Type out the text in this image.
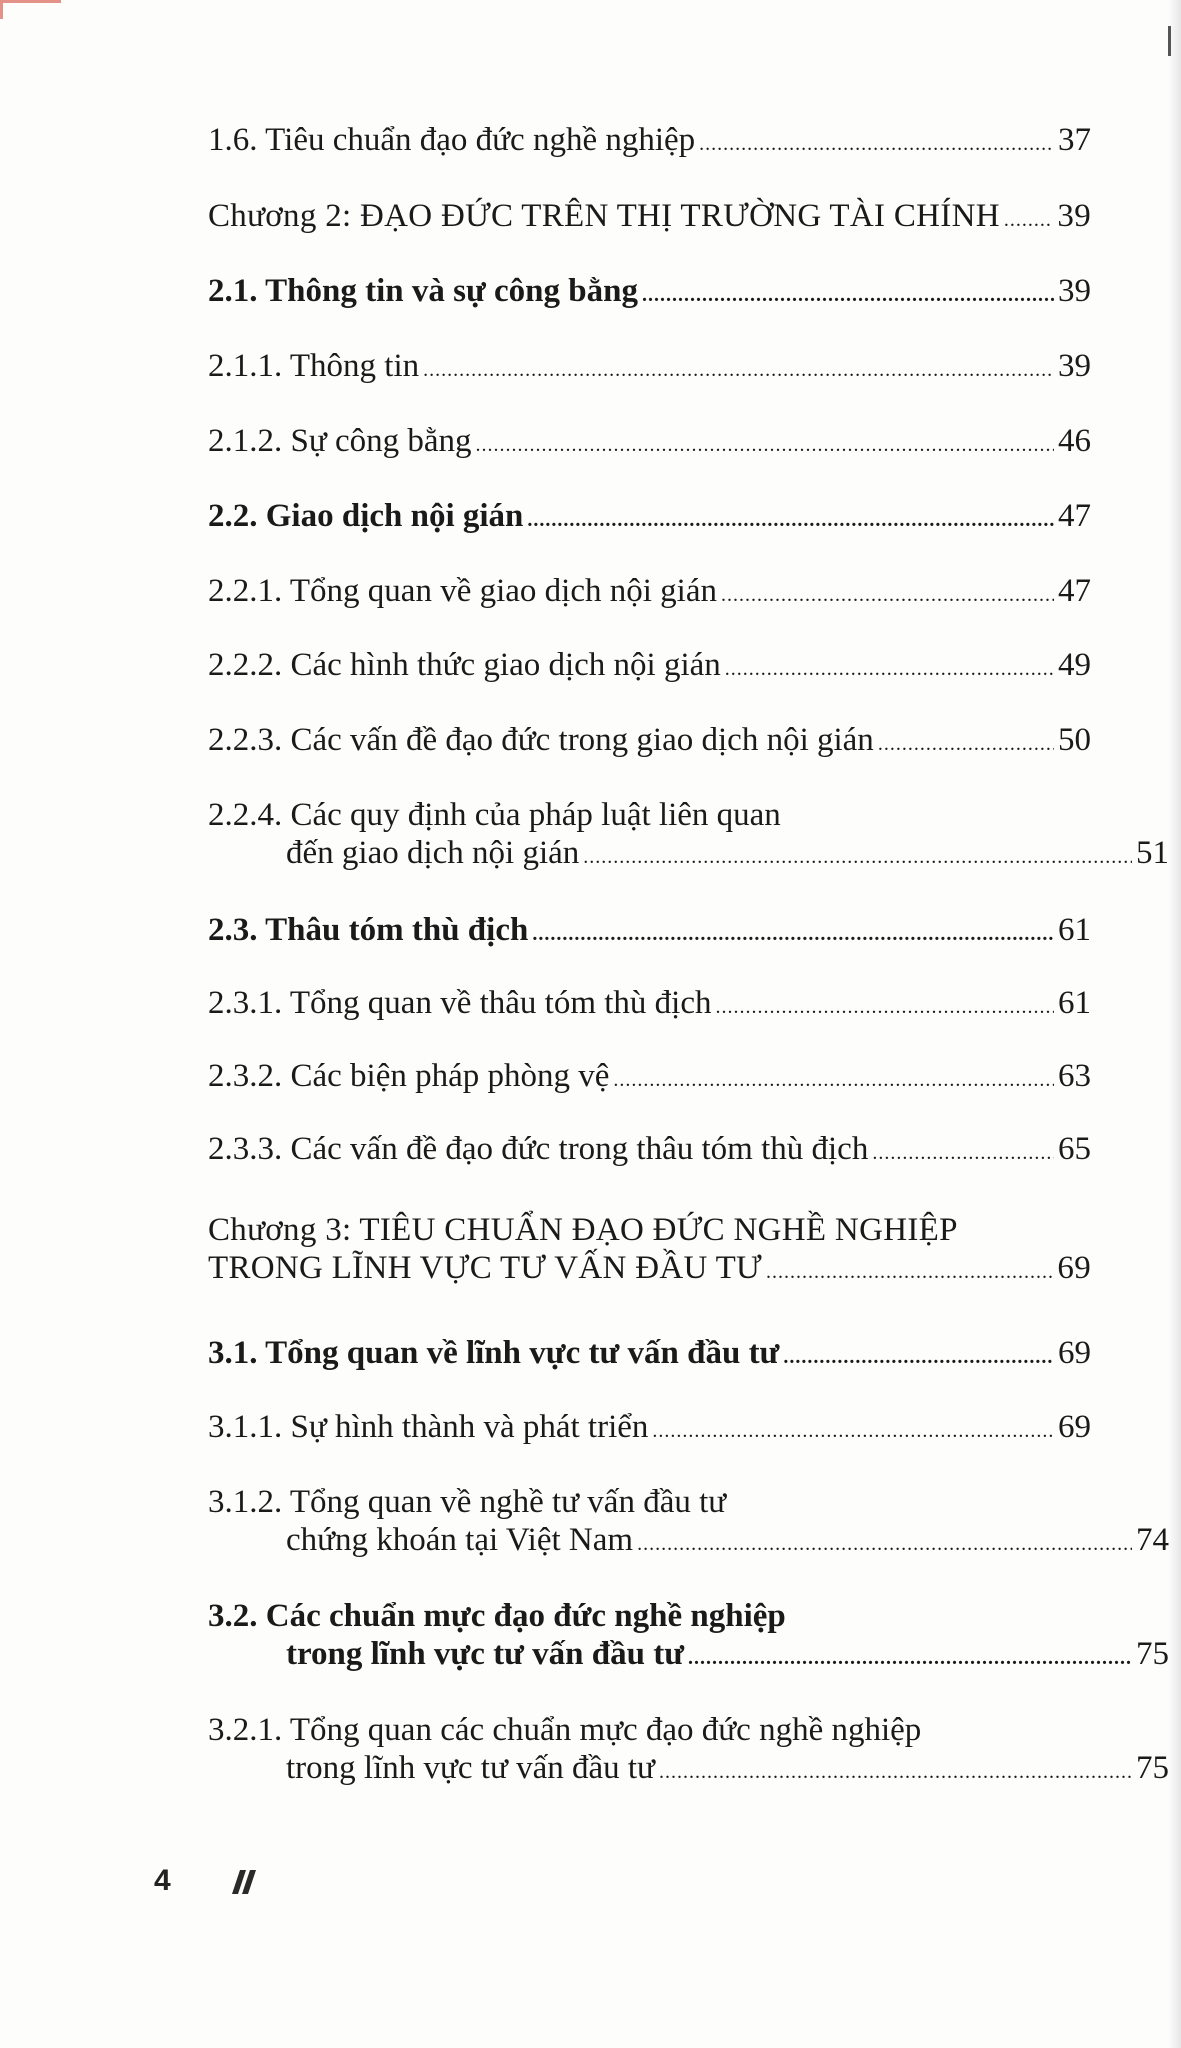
1.6. Tiêu chuẩn đạo đức nghề nghiệp .....	37
Chương 2: ĐẠO ĐỨC TRÊN THỊ TRƯỜNG TÀI CHÍNH ..... 39
2.1. Thông tin và sự công bằng .....	39
2.1.1. Thông tin .....	39
2.1.2. Sự công bằng .....	46
2.2. Giao dịch nội gián .....	47
2.2.1. Tổng quan về giao dịch nội gián .....	47
2.2.2. Các hình thức giao dịch nội gián .....	49
2.2.3. Các vấn đề đạo đức trong giao dịch nội gián .....	50
2.2.4. Các quy định của pháp luật liên quan
đến giao dịch nội gián .....	51
2.3. Thâu tóm thù địch .....	61
2.3.1. Tổng quan về thâu tóm thù địch .....	61
2.3.2. Các biện pháp phòng vệ .....	63
2.3.3. Các vấn đề đạo đức trong thâu tóm thù địch .....	65
Chương 3: TIÊU CHUẨN ĐẠO ĐỨC NGHỀ NGHIỆP
TRONG LĨNH VỰC TƯ VẤN ĐẦU TƯ .....	69
3.1. Tổng quan về lĩnh vực tư vấn đầu tư .....	69
3.1.1. Sự hình thành và phát triển .....	69
3.1.2. Tổng quan về nghề tư vấn đầu tư
chứng khoán tại Việt Nam .....	74
3.2. Các chuẩn mực đạo đức nghề nghiệp
trong lĩnh vực tư vấn đầu tư .....	75
3.2.1. Tổng quan các chuẩn mực đạo đức nghề nghiệp
trong lĩnh vực tư vấn đầu tư .....	75
4
